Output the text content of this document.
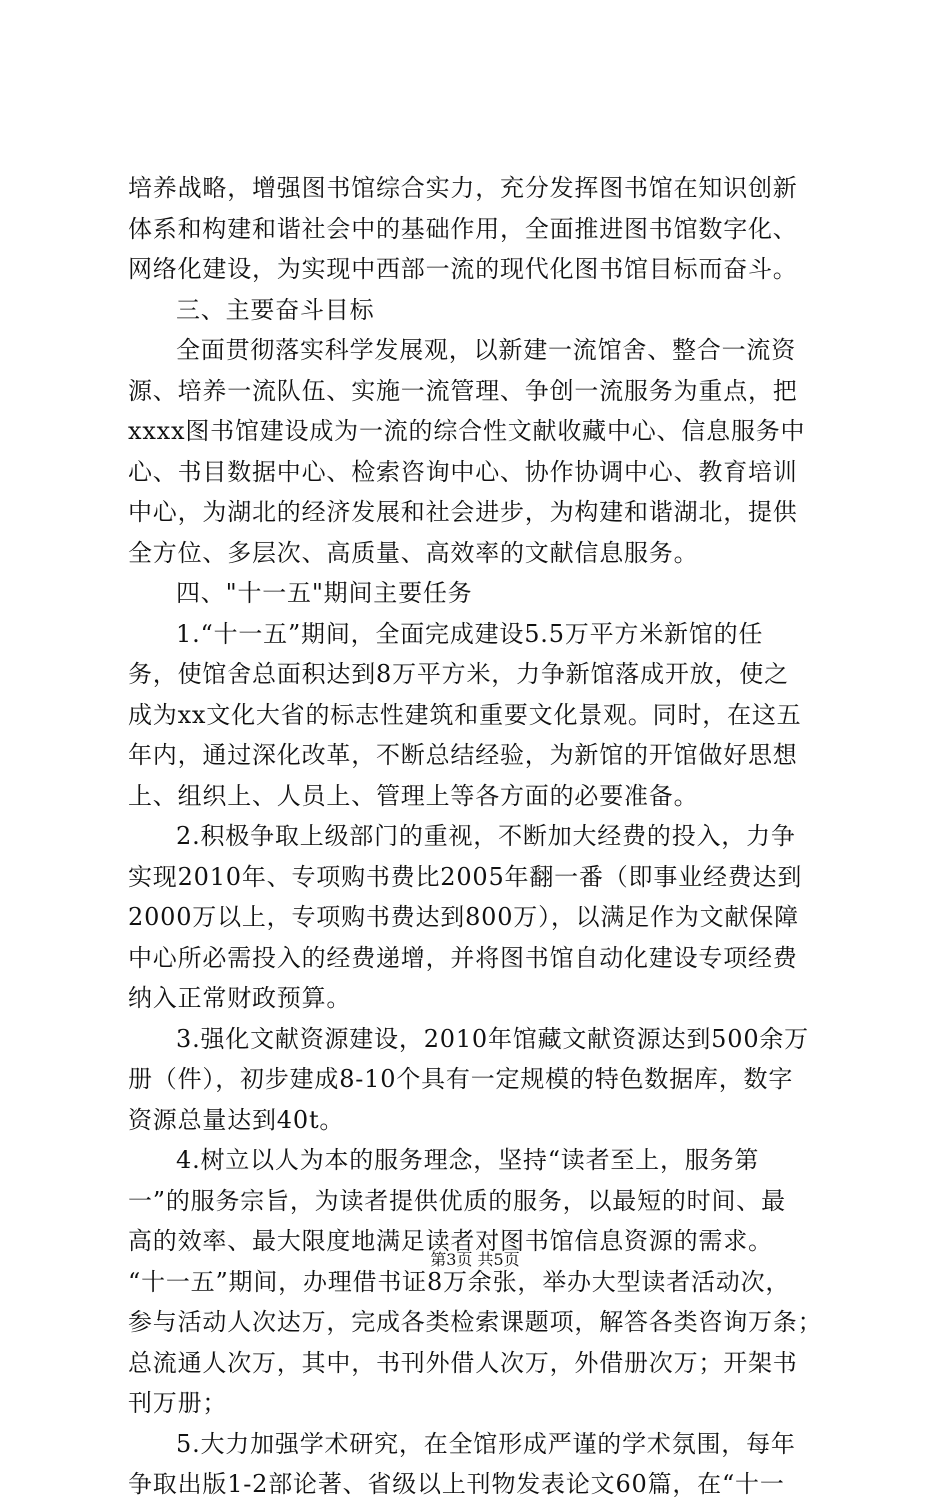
培养战略，增强图书馆综合实力，充分发挥图书馆在知识创新
体系和构建和谐社会中的基础作用，全面推进图书馆数字化、
网络化建设，为实现中西部一流的现代化图书馆目标而奋斗。
三、主要奋斗目标
全面贯彻落实科学发展观，以新建一流馆舍、整合一流资
源、培养一流队伍、实施一流管理、争创一流服务为重点，把
xxxx图书馆建设成为一流的综合性文献收藏中心、信息服务中
心、书目数据中心、检索咨询中心、协作协调中心、教育培训
中心，为湖北的经济发展和社会进步，为构建和谐湖北，提供
全方位、多层次、高质量、高效率的文献信息服务。
四、"十一五"期间主要任务
1.“十一五”期间，全面完成建设5.5万平方米新馆的任
务，使馆舍总面积达到8万平方米，力争新馆落成开放，使之
成为xx文化大省的标志性建筑和重要文化景观。同时，在这五
年内，通过深化改革，不断总结经验，为新馆的开馆做好思想
上、组织上、人员上、管理上等各方面的必要准备。
2.积极争取上级部门的重视，不断加大经费的投入，力争
实现2010年、专项购书费比2005年翻一番（即事业经费达到
2000万以上，专项购书费达到800万），以满足作为文献保障
中心所必需投入的经费递增，并将图书馆自动化建设专项经费
纳入正常财政预算。
3.强化文献资源建设，2010年馆藏文献资源达到500余万
册（件），初步建成8-10个具有一定规模的特色数据库，数字
资源总量达到40t。
4.树立以人为本的服务理念，坚持“读者至上，服务第
一”的服务宗旨，为读者提供优质的服务，以最短的时间、最
高的效率、最大限度地满足读者对图书馆信息资源的需求。
“十一五”期间，办理借书证8万余张，举办大型读者活动次，
参与活动人次达万，完成各类检索课题项，解答各类咨询万条；
总流通人次万，其中，书刊外借人次万，外借册次万；开架书
刊万册；
5.大力加强学术研究，在全馆形成严谨的学术氛围，每年
争取出版1-2部论著、省级以上刊物发表论文60篇，在“十一
第3页 共5页
